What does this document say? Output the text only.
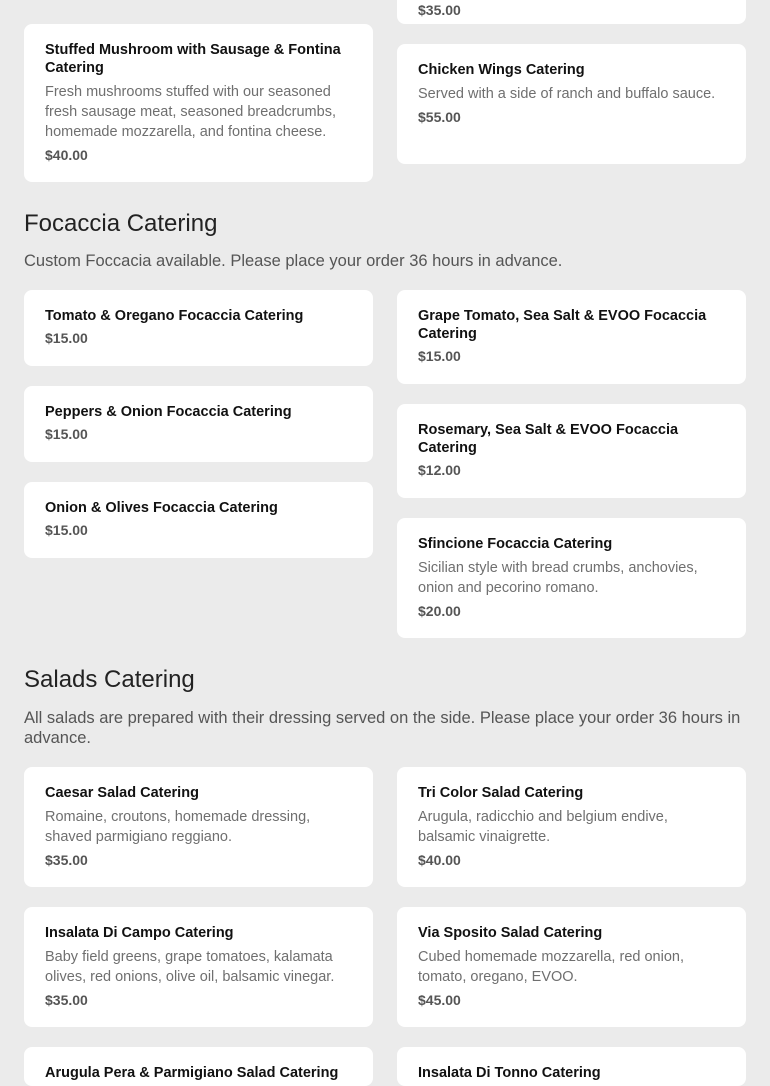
$35.00
Stuffed Mushroom with Sausage & Fontina Catering
Fresh mushrooms stuffed with our seasoned fresh sausage meat, seasoned breadcrumbs, homemade mozzarella, and fontina cheese.
$40.00
Chicken Wings Catering
Served with a side of ranch and buffalo sauce.
$55.00
Focaccia Catering

Custom Foccacia available. Please place your order 36 hours in advance.

Tomato & Oregano Focaccia Catering
$15.00
Grape Tomato, Sea Salt & EVOO Focaccia Catering
$15.00
Peppers & Onion Focaccia Catering
$15.00	Rosemary, Sea Salt & EVOO Focaccia Catering
$12.00
Onion & Olives Focaccia Catering
$15.00
Sfincione Focaccia Catering
Sicilian style with bread crumbs, anchovies, onion and pecorino romano.
$20.00
Salads Catering

All salads are prepared with their dressing served on the side. Please place your order 36 hours in advance.

Caesar Salad Catering
Romaine, croutons, homemade dressing, shaved parmigiano reggiano.
$35.00
Tri Color Salad Catering
Arugula, radicchio and belgium endive, balsamic vinaigrette.
$40.00
Insalata Di Campo Catering
Baby field greens, grape tomatoes, kalamata olives, red onions, olive oil, balsamic vinegar.
$35.00
Via Sposito Salad Catering
Cubed homemade mozzarella, red onion, tomato, oregano, EVOO.
$45.00
Arugula Pera & Parmigiano Salad Catering	Insalata Di Tonno Catering
